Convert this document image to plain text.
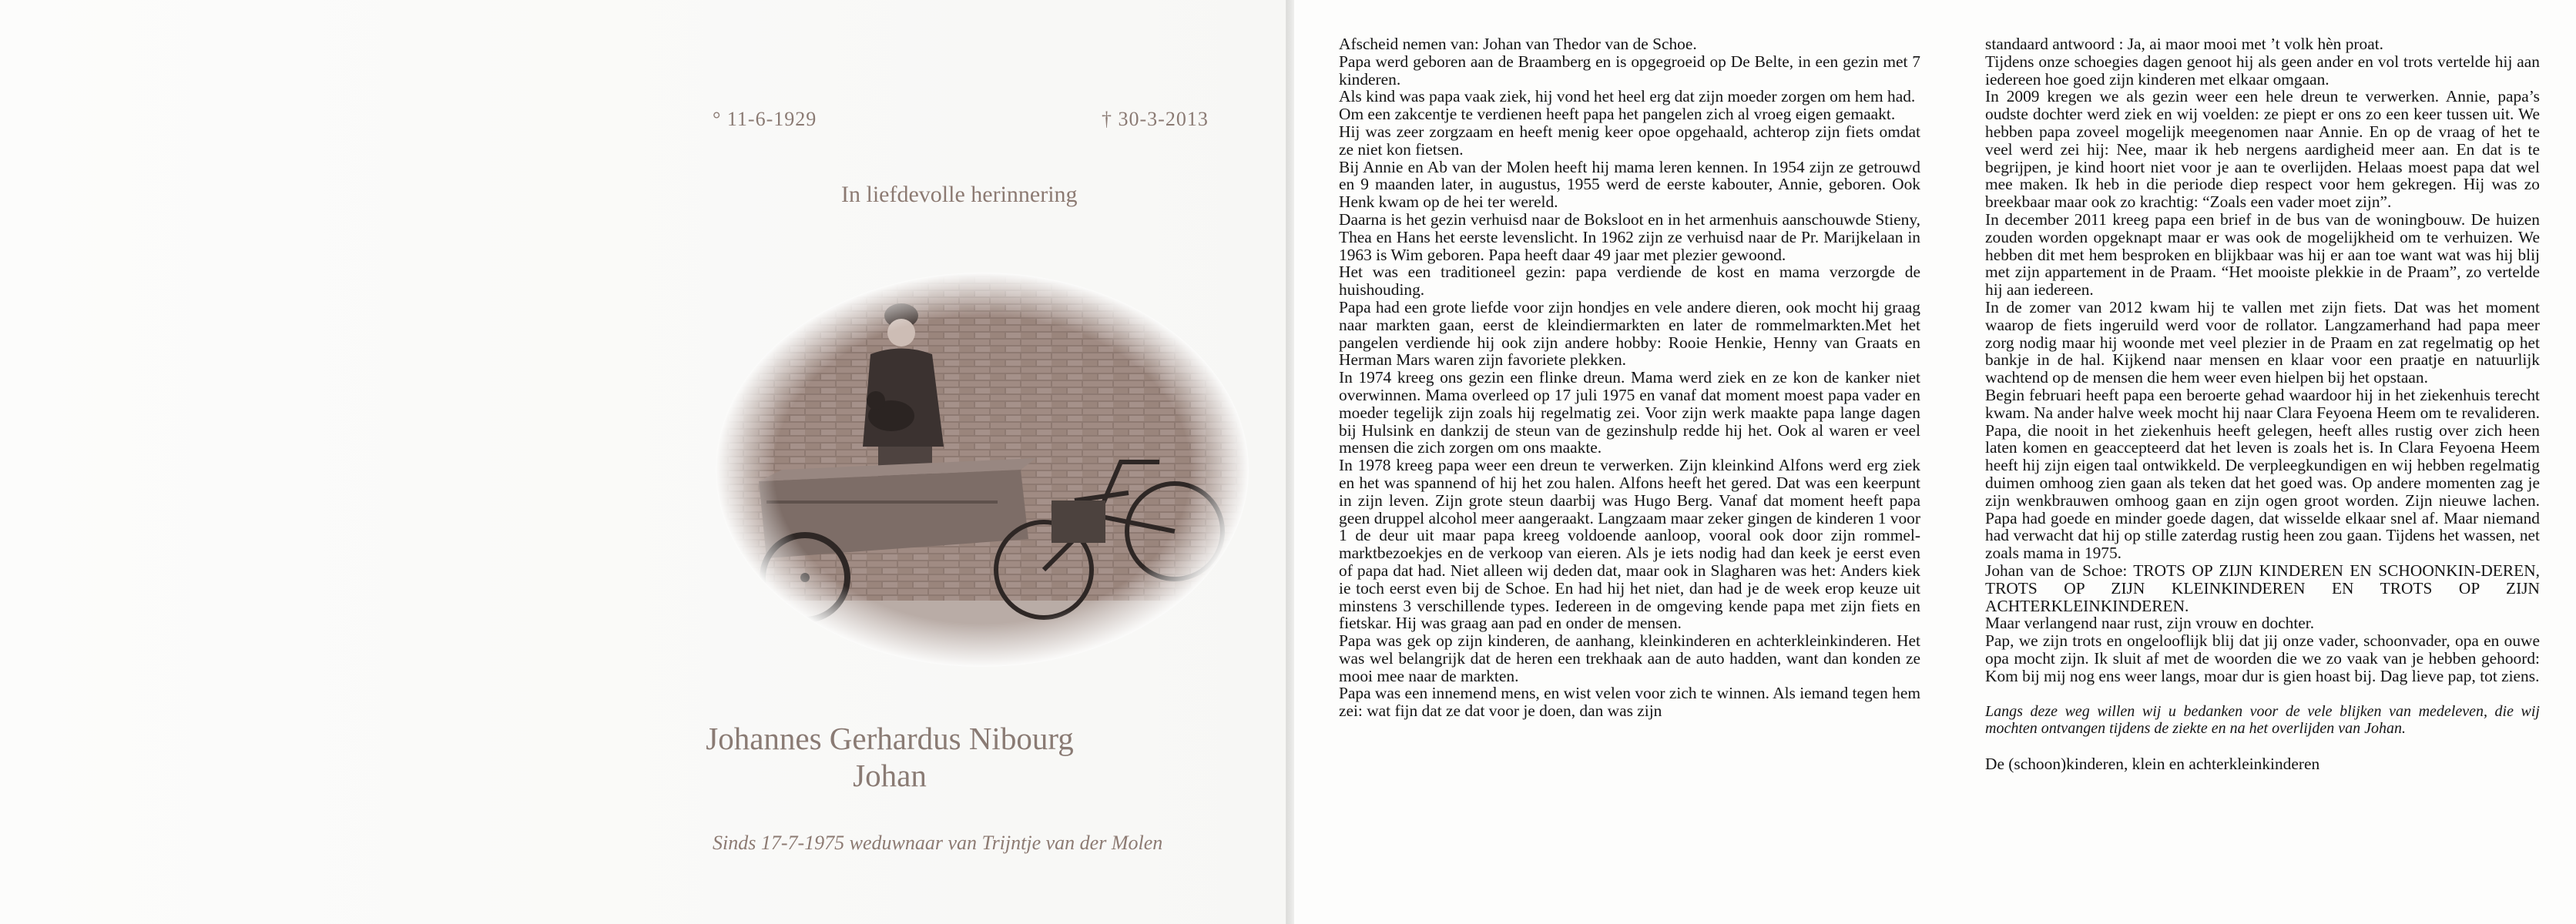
° 11-6-1929	† 30-3-2013
In liefdevolle herinnering
Johannes Gerhardus Nibourg
Johan
Sinds 17-7-1975 weduwnaar van Trijntje van der Molen

Afscheid nemen van: Johan van Thedor van de Schoe.

Papa werd geboren aan de Braamberg en is opgegroeid op De Belte, in een gezin met 7 kinderen.

Als kind was papa vaak ziek, hij vond het heel erg dat zijn moeder zorgen om hem had.

Om een zakcentje te verdienen heeft papa het pangelen zich al vroeg eigen gemaakt.

Hij was zeer zorgzaam en heeft menig keer opoe opgehaald, achterop zijn fiets omdat ze niet kon fietsen.

Bij Annie en Ab van der Molen heeft hij mama leren kennen. In 1954 zijn ze getrouwd en 9 maanden later, in augustus, 1955 werd de eerste kabouter, Annie, geboren. Ook Henk kwam op de hei ter wereld.

Daarna is het gezin verhuisd naar de Boksloot en in het armenhuis aanschouwde Stieny, Thea en Hans het eerste levenslicht. In 1962 zijn ze verhuisd naar de Pr. Marijkelaan in 1963 is Wim geboren. Papa heeft daar 49 jaar met plezier gewoond.

Het was een traditioneel gezin: papa verdiende de kost en mama verzorgde de huishouding.

Papa had een grote liefde voor zijn hondjes en vele andere dieren, ook mocht hij graag naar markten gaan, eerst de kleindiermarkten en later de rommelmarkten.Met het pangelen verdiende hij ook zijn andere hobby: Rooie Henkie, Henny van Graats en Herman Mars waren zijn favoriete plekken.

In 1974 kreeg ons gezin een flinke dreun. Mama werd ziek en ze kon de kanker niet overwinnen. Mama overleed op 17 juli 1975 en vanaf dat moment moest papa vader en moeder tegelijk zijn zoals hij regelmatig zei. Voor zijn werk maakte papa lange dagen bij Hulsink en dankzij de steun van de gezinshulp redde hij het. Ook al waren er veel mensen die zich zorgen om ons maakte.

In 1978 kreeg papa weer een dreun te verwerken. Zijn kleinkind Alfons werd erg ziek en het was spannend of hij het zou halen. Alfons heeft het gered. Dat was een keerpunt in zijn leven. Zijn grote steun daarbij was Hugo Berg. Vanaf dat moment heeft papa geen druppel alcohol meer aangeraakt. Langzaam maar zeker gingen de kinderen 1 voor 1 de deur uit maar papa kreeg voldoende aanloop, vooral ook door zijn rommel-marktbezoekjes en de verkoop van eieren. Als je iets nodig had dan keek je eerst even of papa dat had. Niet alleen wij deden dat, maar ook in Slagharen was het: Anders kiek ie toch eerst even bij de Schoe. En had hij het niet, dan had je de week erop keuze uit minstens 3 verschillende types. Iedereen in de omgeving kende papa met zijn fiets en fietskar. Hij was graag aan pad en onder de mensen.

Papa was gek op zijn kinderen, de aanhang, kleinkinderen en achterkleinkinderen. Het was wel belangrijk dat de heren een trekhaak aan de auto hadden, want dan konden ze mooi mee naar de markten.

Papa was een innemend mens, en wist velen voor zich te winnen. Als iemand tegen hem zei: wat fijn dat ze dat voor je doen, dan was zijn

standaard antwoord : Ja, ai maor mooi met ’t volk hèn proat.

Tijdens onze schoegies dagen genoot hij als geen ander en vol trots vertelde hij aan iedereen hoe goed zijn kinderen met elkaar omgaan.

In 2009 kregen we als gezin weer een hele dreun te verwerken. Annie, papa’s oudste dochter werd ziek en wij voelden: ze piept er ons zo een keer tussen uit. We hebben papa zoveel mogelijk meegenomen naar Annie. En op de vraag of het te veel werd zei hij: Nee, maar ik heb nergens aardigheid meer aan. En dat is te begrijpen, je kind hoort niet voor je aan te overlijden. Helaas moest papa dat wel mee maken. Ik heb in die periode diep respect voor hem gekregen. Hij was zo breekbaar maar ook zo krachtig: “Zoals een vader moet zijn”.

In december 2011 kreeg papa een brief in de bus van de woningbouw. De huizen zouden worden opgeknapt maar er was ook de mogelijkheid om te verhuizen. We hebben dit met hem besproken en blijkbaar was hij er aan toe want wat was hij blij met zijn appartement in de Praam. “Het mooiste plekkie in de Praam”, zo vertelde hij aan iedereen.

In de zomer van 2012 kwam hij te vallen met zijn fiets. Dat was het moment waarop de fiets ingeruild werd voor de rollator. Langzamerhand had papa meer zorg nodig maar hij woonde met veel plezier in de Praam en zat regelmatig op het bankje in de hal. Kijkend naar mensen en klaar voor een praatje en natuurlijk wachtend op de mensen die hem weer even hielpen bij het opstaan.

Begin februari heeft papa een beroerte gehad waardoor hij in het ziekenhuis terecht kwam. Na ander halve week mocht hij naar Clara Feyoena Heem om te revalideren. Papa, die nooit in het ziekenhuis heeft gelegen, heeft alles rustig over zich heen laten komen en geaccepteerd dat het leven is zoals het is. In Clara Feyoena Heem heeft hij zijn eigen taal ontwikkeld. De verpleegkundigen en wij hebben regelmatig duimen omhoog zien gaan als teken dat het goed was. Op andere momenten zag je zijn wenkbrauwen omhoog gaan en zijn ogen groot worden. Zijn nieuwe lachen. Papa had goede en minder goede dagen, dat wisselde elkaar snel af. Maar niemand had verwacht dat hij op stille zaterdag rustig heen zou gaan. Tijdens het wassen, net zoals mama in 1975.

Johan van de Schoe: TROTS OP ZIJN KINDEREN EN SCHOONKIN-DEREN, TROTS OP ZIJN KLEINKINDEREN EN TROTS OP ZIJN ACHTERKLEINKINDEREN.

Maar verlangend naar rust, zijn vrouw en dochter.

Pap, we zijn trots en ongelooflijk blij dat jij onze vader, schoonvader, opa en ouwe opa mocht zijn. Ik sluit af met de woorden die we zo vaak van je hebben gehoord: Kom bij mij nog ens weer langs, moar dur is gien hoast bij. Dag lieve pap, tot ziens.

Langs deze weg willen wij u bedanken voor de vele blijken van medeleven, die wij mochten ontvangen tijdens de ziekte en na het overlijden van Johan.

De (schoon)kinderen, klein en achterkleinkinderen
